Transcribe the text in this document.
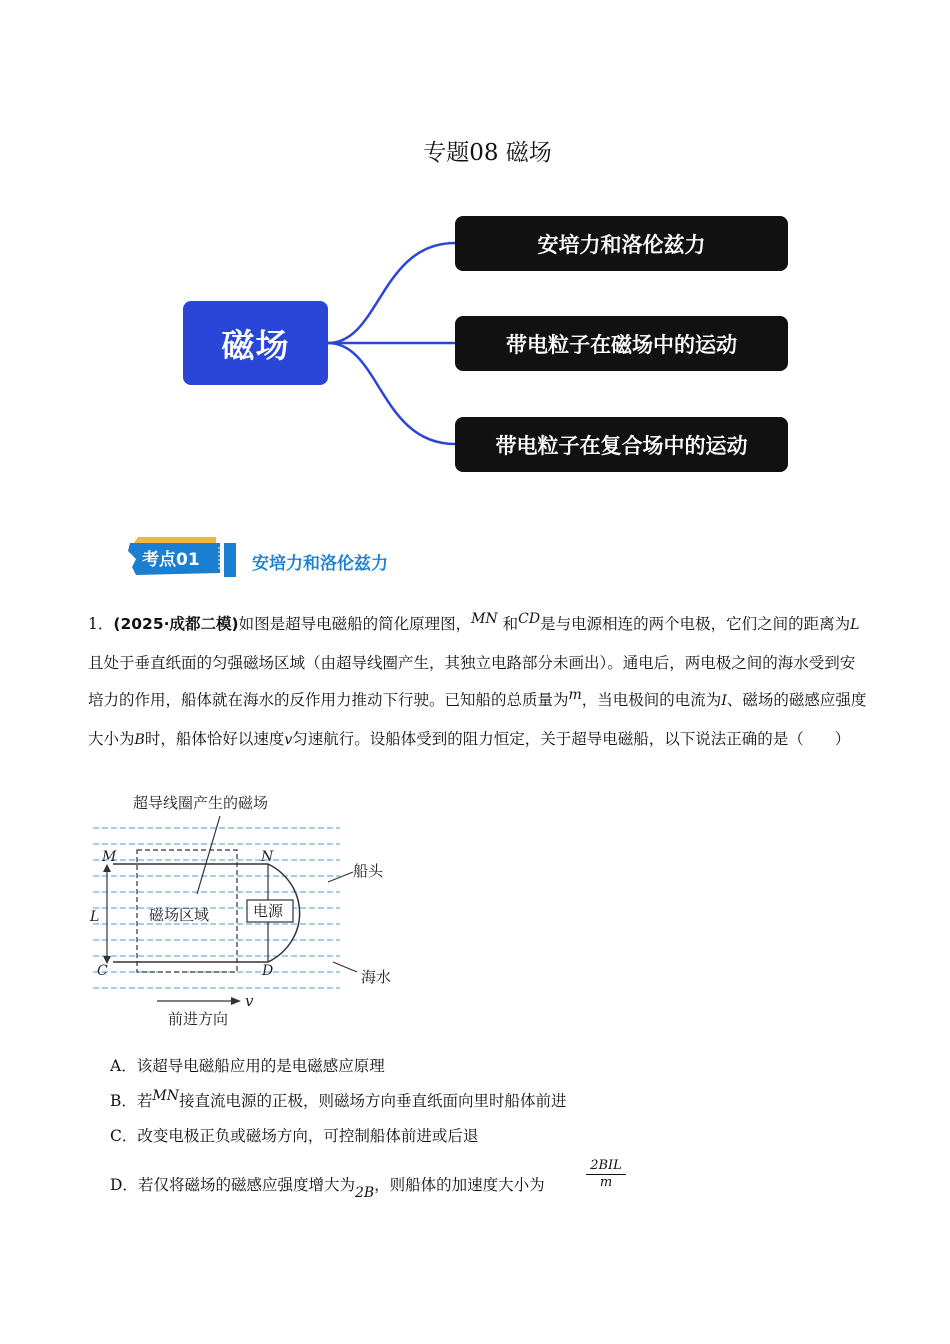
专题08 磁场
磁场
安培力和洛伦兹力
带电粒子在磁场中的运动
带电粒子在复合场中的运动
考点01	安培力和洛伦兹力
1．(2025·成都二模)如图是超导电磁船的简化原理图，MN 和CD是与电源相连的两个电极，它们之间的距离为L且处于垂直纸面的匀强磁场区域（由超导线圈产生，其独立电路部分未画出）。通电后，两电极之间的海水受到安培力的作用，船体就在海水的反作用力推动下行驶。已知船的总质量为m，当电极间的电流为I、磁场的磁感应强度大小为B时，船体恰好以速度v匀速航行。设船体受到的阻力恒定，关于超导电磁船，以下说法正确的是（　　）
超导线圈产生的磁场
磁场区域	电源
船头
海水
前进方向
M	N
C	D
L
v
A．该超导电磁船应用的是电磁感应原理
B．若MN接直流电源的正极，则磁场方向垂直纸面向里时船体前进
C．改变电极正负或磁场方向，可控制船体前进或后退
D．若仅将磁场的磁感应强度增大为2B，则船体的加速度大小为
2BIL
m
